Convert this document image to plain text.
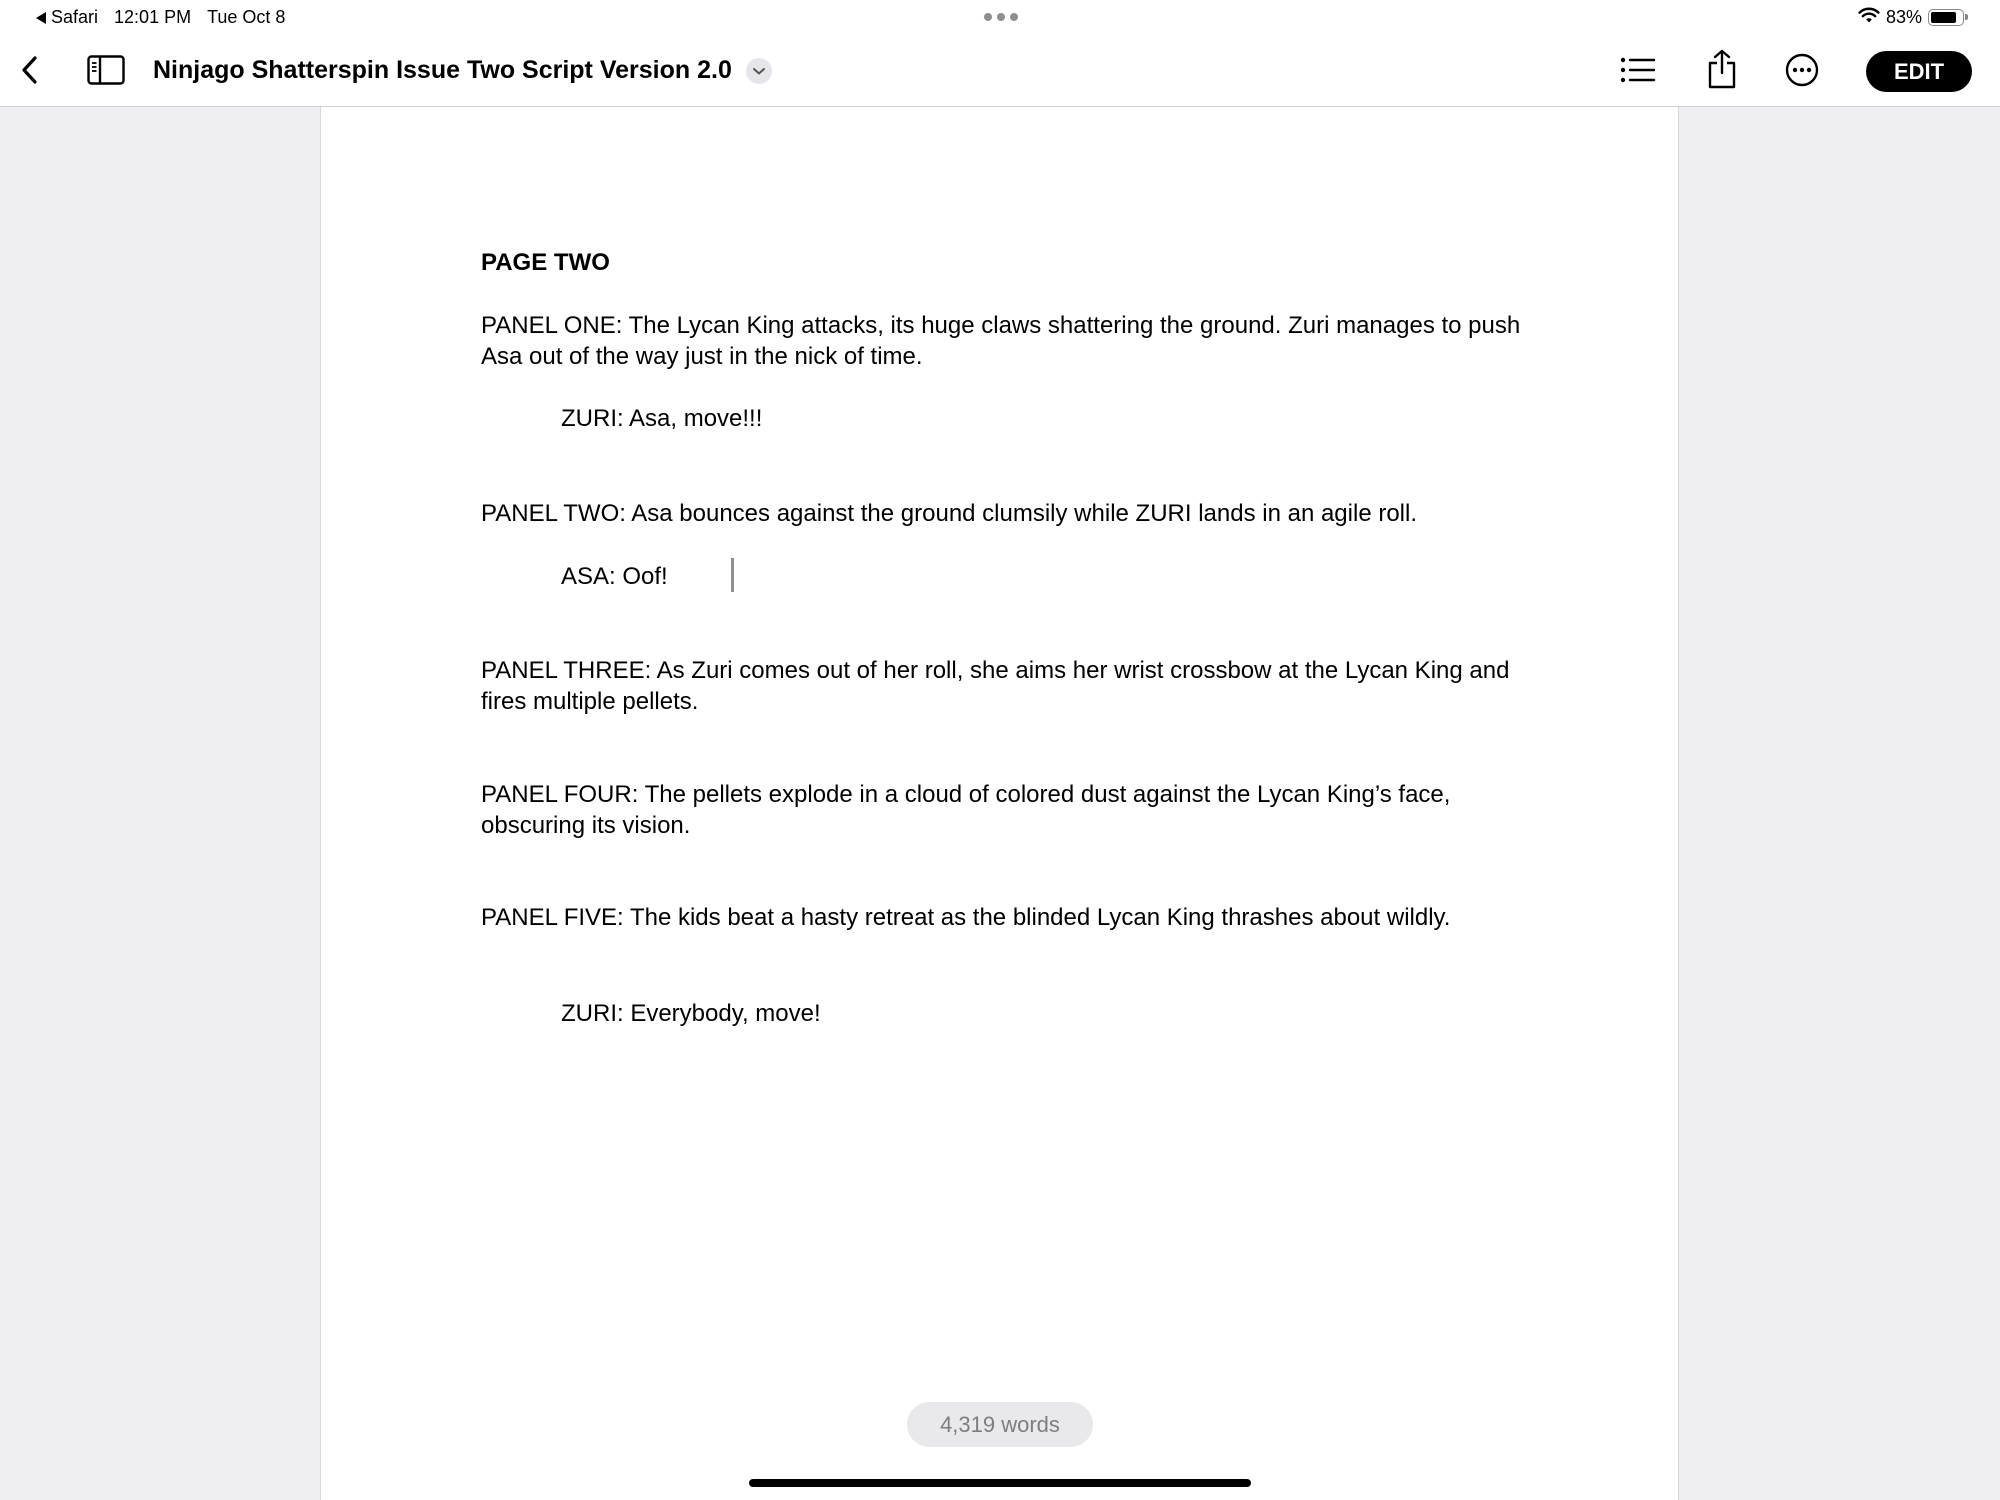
Safari 12:01 PM Tue Oct 8	83%
Ninjago Shatterspin Issue Two Script Version 2.0	EDIT

PAGE TWO

PANEL ONE: The Lycan King attacks, its huge claws shattering the ground. Zuri manages to push Asa out of the way just in the nick of time.

ZURI: Asa, move!!!

PANEL TWO: Asa bounces against the ground clumsily while ZURI lands in an agile roll.

ASA: Oof!

PANEL THREE: As Zuri comes out of her roll, she aims her wrist crossbow at the Lycan King and fires multiple pellets.

PANEL FOUR: The pellets explode in a cloud of colored dust against the Lycan King’s face, obscuring its vision.

PANEL FIVE: The kids beat a hasty retreat as the blinded Lycan King thrashes about wildly.

ZURI: Everybody, move!

4,319 words
